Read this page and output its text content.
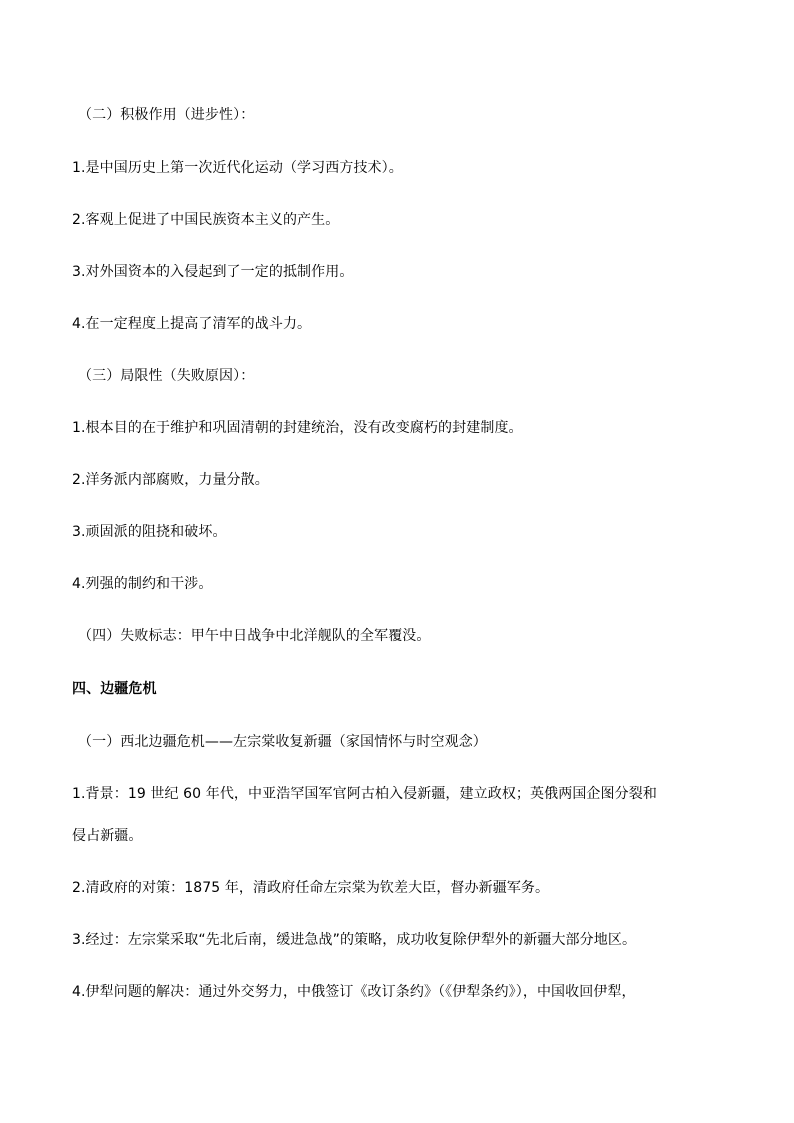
（二）积极作用（进步性）：
1.是中国历史上第一次近代化运动（学习西方技术）。
2.客观上促进了中国民族资本主义的产生。
3.对外国资本的入侵起到了一定的抵制作用。
4.在一定程度上提高了清军的战斗力。
（三）局限性（失败原因）：
1.根本目的在于维护和巩固清朝的封建统治，没有改变腐朽的封建制度。
2.洋务派内部腐败，力量分散。
3.顽固派的阻挠和破坏。
4.列强的制约和干涉。
（四）失败标志：甲午中日战争中北洋舰队的全军覆没。
四、边疆危机
（一）西北边疆危机——左宗棠收复新疆（家国情怀与时空观念）
1.背景：19 世纪 60 年代，中亚浩罕国军官阿古柏入侵新疆，建立政权；英俄两国企图分裂和
侵占新疆。
2.清政府的对策：1875 年，清政府任命左宗棠为钦差大臣，督办新疆军务。
3.经过：左宗棠采取“先北后南，缓进急战”的策略，成功收复除伊犁外的新疆大部分地区。
4.伊犁问题的解决：通过外交努力，中俄签订《改订条约》（《伊犁条约》），中国收回伊犁，
